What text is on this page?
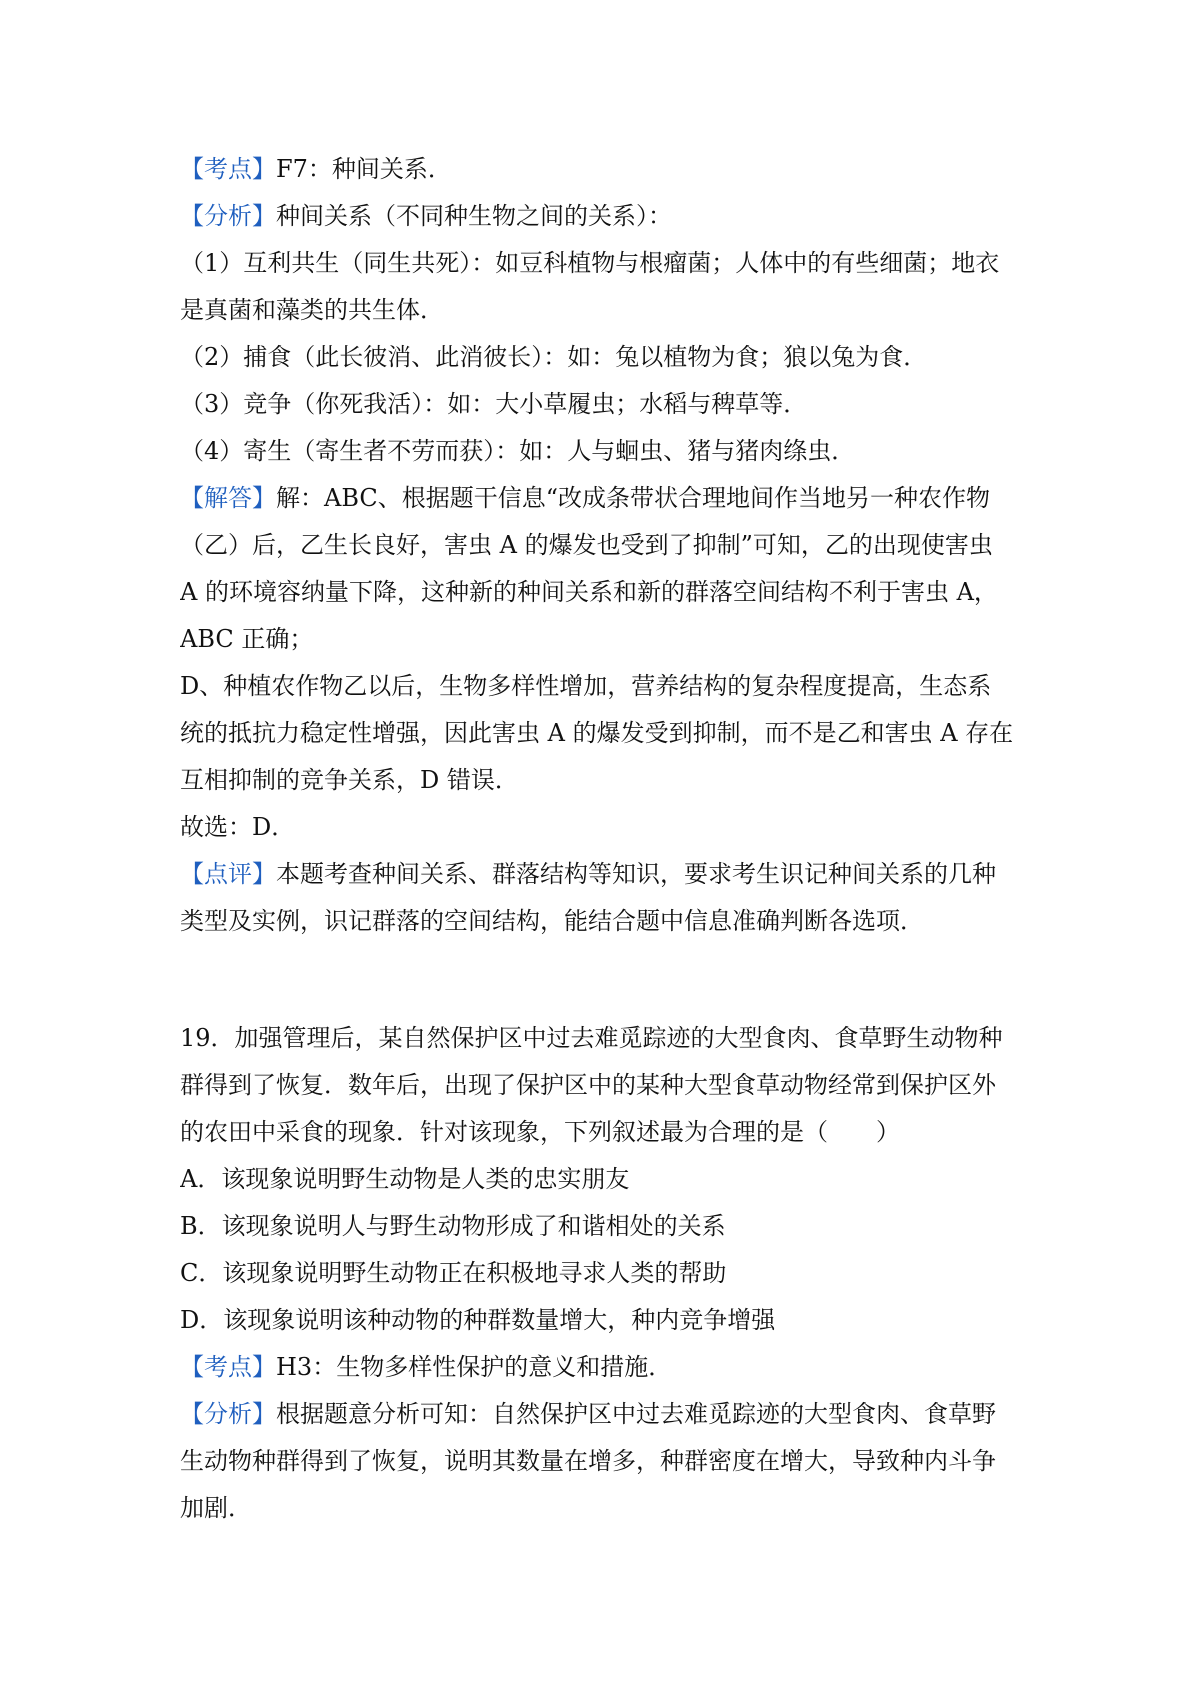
【考点】F7：种间关系．
【分析】种间关系（不同种生物之间的关系）：
（1）互利共生（同生共死）：如豆科植物与根瘤菌；人体中的有些细菌；地衣
是真菌和藻类的共生体．
（2）捕食（此长彼消、此消彼长）：如：兔以植物为食；狼以兔为食．
（3）竞争（你死我活）：如：大小草履虫；水稻与稗草等．
（4）寄生（寄生者不劳而获）：如：人与蛔虫、猪与猪肉绦虫．
【解答】解：ABC、根据题干信息“改成条带状合理地间作当地另一种农作物
（乙）后，乙生长良好，害虫 A 的爆发也受到了抑制”可知，乙的出现使害虫
A 的环境容纳量下降，这种新的种间关系和新的群落空间结构不利于害虫 A，
ABC 正确；
D、种植农作物乙以后，生物多样性增加，营养结构的复杂程度提高，生态系
统的抵抗力稳定性增强，因此害虫 A 的爆发受到抑制，而不是乙和害虫 A 存在
互相抑制的竞争关系，D 错误．
故选：D．
【点评】本题考查种间关系、群落结构等知识，要求考生识记种间关系的几种
类型及实例，识记群落的空间结构，能结合题中信息准确判断各选项．
19．加强管理后，某自然保护区中过去难觅踪迹的大型食肉、食草野生动物种
群得到了恢复．数年后，出现了保护区中的某种大型食草动物经常到保护区外
的农田中采食的现象．针对该现象，下列叙述最为合理的是（　　）
A．该现象说明野生动物是人类的忠实朋友
B．该现象说明人与野生动物形成了和谐相处的关系
C．该现象说明野生动物正在积极地寻求人类的帮助
D．该现象说明该种动物的种群数量增大，种内竞争增强
【考点】H3：生物多样性保护的意义和措施．
【分析】根据题意分析可知：自然保护区中过去难觅踪迹的大型食肉、食草野
生动物种群得到了恢复，说明其数量在增多，种群密度在增大，导致种内斗争
加剧．
